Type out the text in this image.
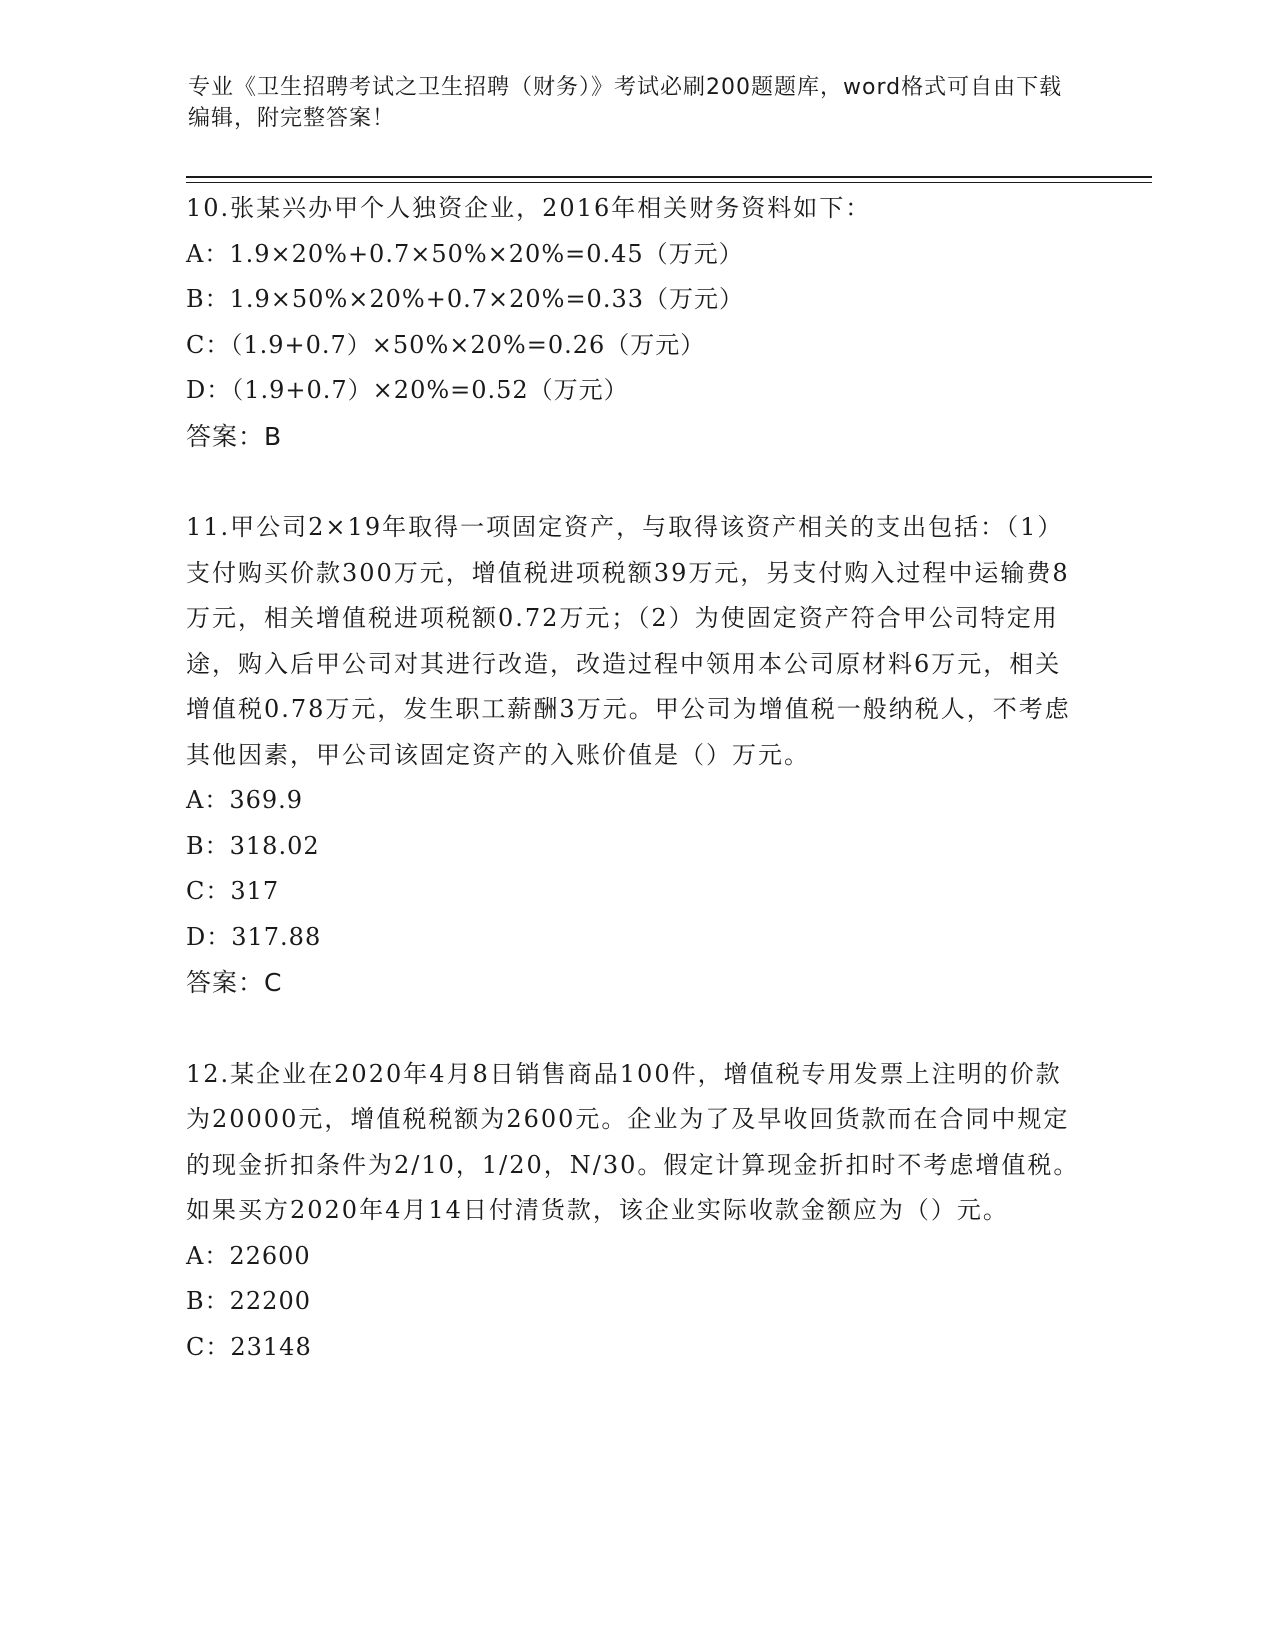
专业《卫生招聘考试之卫生招聘（财务）》考试必刷200题题库，word格式可自由下载编辑，附完整答案！

10.张某兴办甲个人独资企业，2016年相关财务资料如下：

A：1.9×20%+0.7×50%×20%=0.45（万元）

B：1.9×50%×20%+0.7×20%=0.33（万元）

C：（1.9+0.7）×50%×20%=0.26（万元）

D：（1.9+0.7）×20%=0.52（万元）

答案：B

11.甲公司2×19年取得一项固定资产，与取得该资产相关的支出包括：（1）支付购买价款300万元，增值税进项税额39万元，另支付购入过程中运输费8万元，相关增值税进项税额0.72万元；（2）为使固定资产符合甲公司特定用途，购入后甲公司对其进行改造，改造过程中领用本公司原材料6万元，相关增值税0.78万元，发生职工薪酬3万元。甲公司为增值税一般纳税人，不考虑其他因素，甲公司该固定资产的入账价值是（）万元。

A：369.9

B：318.02

C：317

D：317.88

答案：C

12.某企业在2020年4月8日销售商品100件，增值税专用发票上注明的价款为20000元，增值税税额为2600元。企业为了及早收回货款而在合同中规定的现金折扣条件为2/10，1/20，N/30。假定计算现金折扣时不考虑增值税。如果买方2020年4月14日付清货款，该企业实际收款金额应为（）元。

A：22600

B：22200

C：23148
